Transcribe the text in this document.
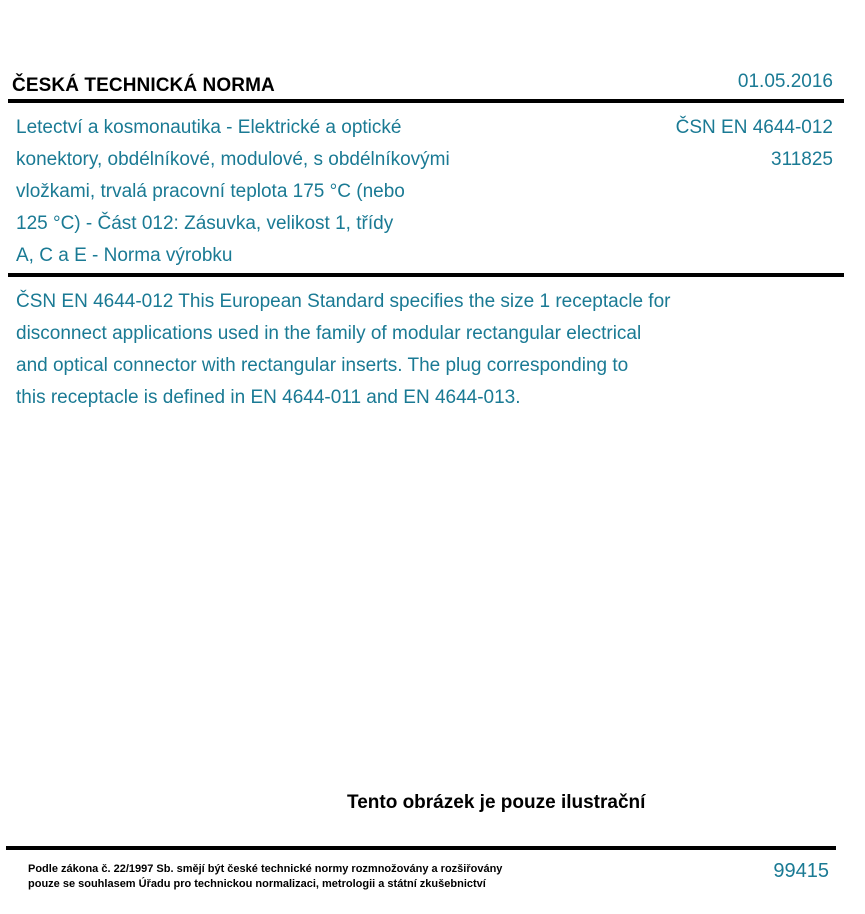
ČESKÁ TECHNICKÁ NORMA	01.05.2016
Letectví a kosmonautika - Elektrické a optické
konektory, obdélníkové, modulové, s obdélníkovými
vložkami, trvalá pracovní teplota 175 °C (nebo
125 °C) - Část 012: Zásuvka, velikost 1, třídy
A, C a E - Norma výrobku
ČSN EN 4644-012
311825
ČSN EN 4644-012 This European Standard specifies the size 1 receptacle for
disconnect applications used in the family of modular rectangular electrical
and optical connector with rectangular inserts. The plug corresponding to
this receptacle is defined in EN 4644-011 and EN 4644-013.
Tento obrázek je pouze ilustrační
Podle zákona č. 22/1997 Sb. smějí být české technické normy rozmnožovány a rozšiřovány
pouze se souhlasem Úřadu pro technickou normalizaci, metrologii a státní zkušebnictví
99415
